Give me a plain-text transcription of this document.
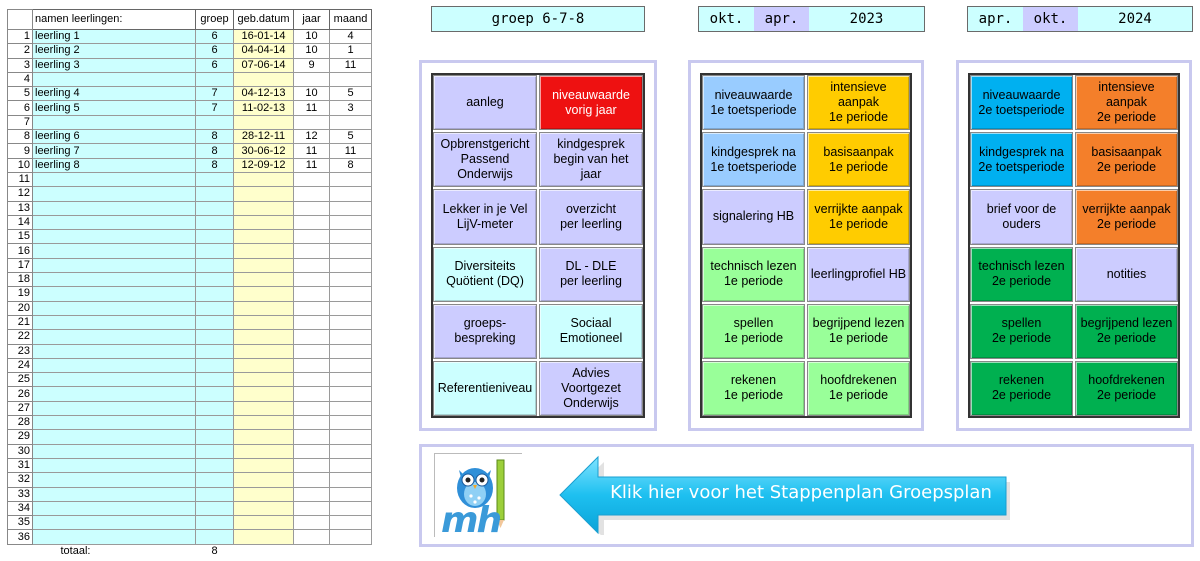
	namen leerlingen:	groep	geb.datum	jaar	maand
1	leerling 1	6	16-01-14	10	4
2	leerling 2	6	04-04-14	10	1
3	leerling 3	6	07-06-14	9	11
4					
5	leerling 4	7	04-12-13	10	5
6	leerling 5	7	11-02-13	11	3
7					
8	leerling 6	8	28-12-11	12	5
9	leerling 7	8	30-06-12	11	11
10	leerling 8	8	12-09-12	11	8
11					
12					
13					
14					
15					
16					
17					
18					
19					
20					
21					
22					
23					
24					
25					
26					
27					
28					
29					
30					
31					
32					
33					
34					
35					
36					
	totaal:	8			
groep 6-7-8	okt.	apr.	2023	apr.	okt.	2024
aanleg
niveauwaarde
vorig jaar
Opbrenstgericht
Passend
Onderwijs
kindgesprek
begin van het jaar
Lekker in je Vel
LijV-meter
overzicht
per leerling
Diversiteits
Quötient (DQ)
DL - DLE
per leerling
groeps-
bespreking
Sociaal
Emotioneel
Referentieniveau
Advies
Voortgezet
Onderwijs
niveauwaarde
1e toetsperiode
intensieve aanpak
1e periode
kindgesprek na
1e toetsperiode
basisaanpak
1e periode
signalering HB
verrijkte aanpak
1e periode
technisch lezen
1e periode
leerlingprofiel HB
spellen
1e periode
begrijpend lezen
1e periode
rekenen
1e periode
hoofdrekenen
1e periode
niveauwaarde
2e toetsperiode
intensieve aanpak
2e periode
kindgesprek na
2e toetsperiode
basisaanpak
2e periode
brief voor de
ouders
verrijkte aanpak
2e periode
technisch lezen
2e periode
notities
spellen
2e periode
begrijpend lezen
2e periode
rekenen
2e periode
hoofdrekenen
2e periode
mh
Klik hier voor het Stappenplan Groepsplan
